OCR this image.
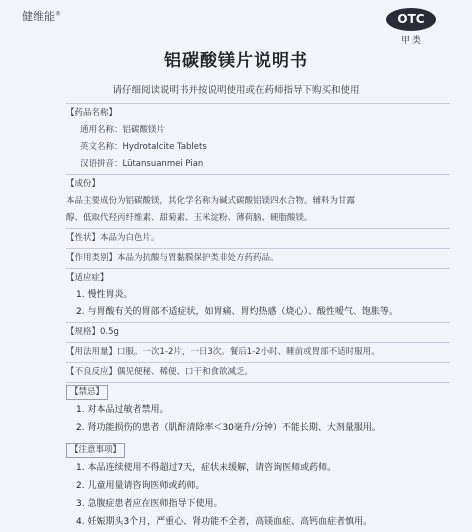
健维能®	OTC
甲类
铝碳酸镁片说明书
请仔细阅读说明书并按说明使用或在药师指导下购买和使用
【药品名称】
通用名称：铝碳酸镁片
英文名称：Hydrotalcite Tablets
汉语拼音：Lütansuanmei Pian
【成份】
本品主要成份为铝碳酸镁，其化学名称为碱式碳酸铝镁四水合物。辅料为甘露
醇、低取代羟丙纤维素、甜菊素、玉米淀粉、薄荷脑、硬脂酸镁。
【性状】本品为白色片。
【作用类别】本品为抗酸与胃黏膜保护类非处方药药品。
【适应症】
1. 慢性胃炎。
2. 与胃酸有关的胃部不适症状，如胃痛、胃灼热感（烧心）、酸性嗳气、饱胀等。
【规格】0.5g
【用法用量】口服。一次1-2片，一日3次。餐后1-2小时、睡前或胃部不适时服用。
【不良反应】偶见便秘、稀便、口干和食欲减乏。
【禁忌】
1. 对本品过敏者禁用。
2. 肾功能损伤的患者（肌酐清除率＜30毫升/分钟）不能长期、大剂量服用。
【注意事项】
1. 本品连续使用不得超过7天，症状未缓解，请咨询医师或药师。
2. 儿童用量请咨询医师或药师。
3. 急腹症患者应在医师指导下使用。
4. 妊娠期头3个月，严重心、肾功能不全者，高镁血症、高钙血症者慎用。
